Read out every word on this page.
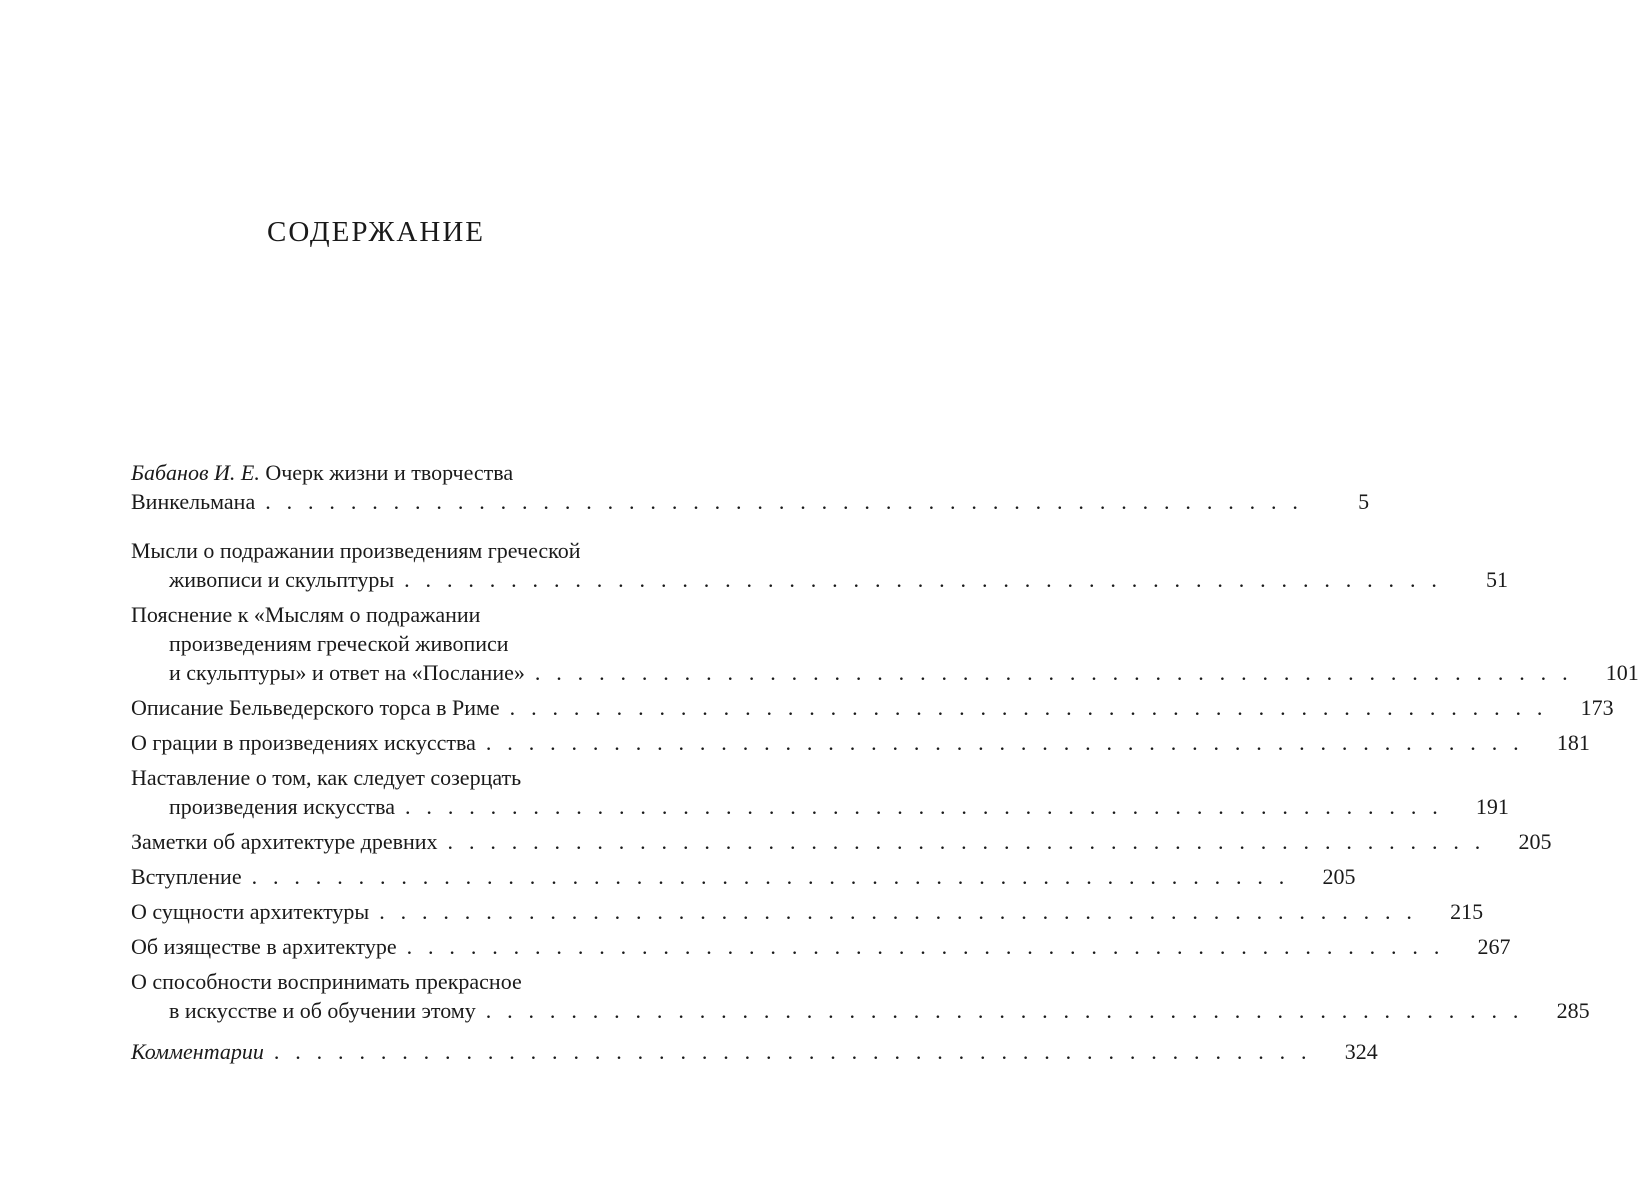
СОДЕРЖАНИЕ
Бабанов И. Е. Очерк жизни и творчества
Винкельмана . . . . . . . . . . . . . . . . . . . . . . . . . . . . . . . . . . . . . . . . . . . . . . . . .	5
Мысли о подражании произведениям греческой
живописи и скульптуры . . . . . . . . . . . . . . . . . . . . . . . . . . . . . . . . . . . . . . . . . . . . . . . . .	51
Пояснение к «Мыслям о подражании
произведениям греческой живописи
и скульптуры» и ответ на «Послание» . . . . . . . . . . . . . . . . . . . . . . . . . . . . . . . . . . . . . . . . . . . . . . . . . 101
Описание Бельведерского торса в Риме . . . . . . . . . . . . . . . . . . . . . . . . . . . . . . . . . . . . . . . . . . . . . . . . . 173
О грации в произведениях искусства . . . . . . . . . . . . . . . . . . . . . . . . . . . . . . . . . . . . . . . . . . . . . . . . . 181
Наставление о том, как следует созерцать
произведения искусства . . . . . . . . . . . . . . . . . . . . . . . . . . . . . . . . . . . . . . . . . . . . . . . . . 191
Заметки об архитектуре древних . . . . . . . . . . . . . . . . . . . . . . . . . . . . . . . . . . . . . . . . . . . . . . . . . 205
Вступление . . . . . . . . . . . . . . . . . . . . . . . . . . . . . . . . . . . . . . . . . . . . . . . . . 205
О сущности архитектуры . . . . . . . . . . . . . . . . . . . . . . . . . . . . . . . . . . . . . . . . . . . . . . . . . 215
Об изяществе в архитектуре . . . . . . . . . . . . . . . . . . . . . . . . . . . . . . . . . . . . . . . . . . . . . . . . . 267
О способности воспринимать прекрасное
в искусстве и об обучении этому . . . . . . . . . . . . . . . . . . . . . . . . . . . . . . . . . . . . . . . . . . . . . . . . . 285
Комментарии . . . . . . . . . . . . . . . . . . . . . . . . . . . . . . . . . . . . . . . . . . . . . . . . . 324
